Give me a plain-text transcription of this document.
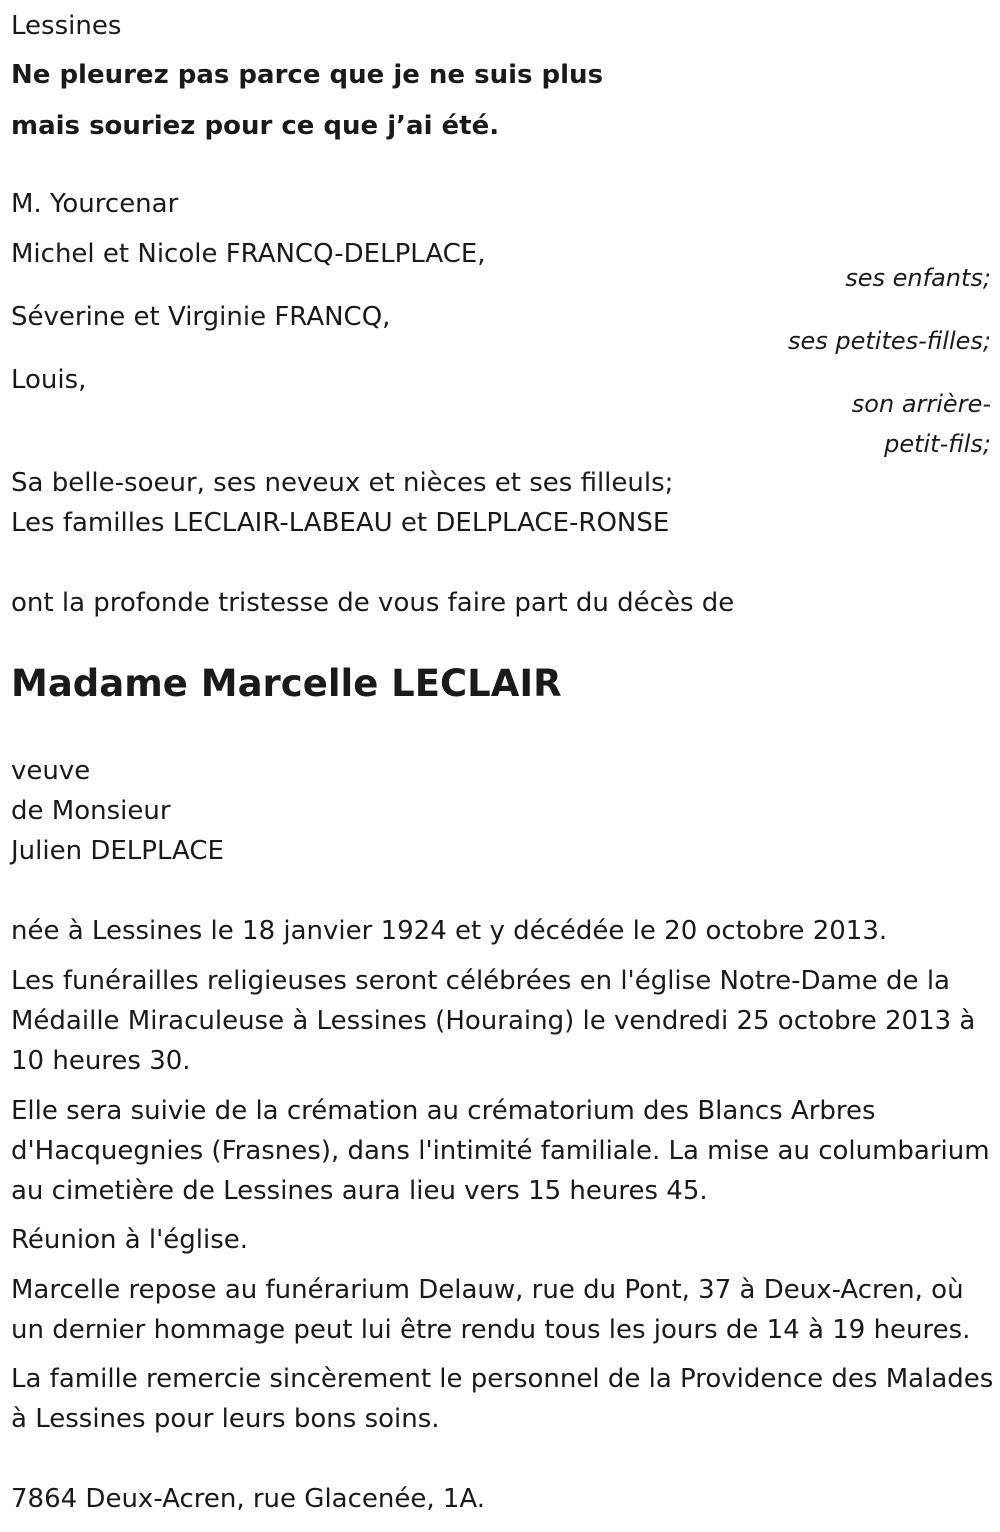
Lessines
Ne pleurez pas parce que je ne suis plus
mais souriez pour ce que j’ai été.
M. Yourcenar
Michel et Nicole FRANCQ-DELPLACE,
ses enfants;
Séverine et Virginie FRANCQ,
ses petites-filles;
Louis,
son arrière-
petit-fils;
Sa belle-soeur, ses neveux et nièces et ses filleuls;
Les familles LECLAIR-LABEAU et DELPLACE-RONSE
ont la profonde tristesse de vous faire part du décès de
Madame Marcelle LECLAIR
veuve
de Monsieur
Julien DELPLACE
née à Lessines le 18 janvier 1924 et y décédée le 20 octobre 2013.
Les funérailles religieuses seront célébrées en l'église Notre-Dame de la Médaille Miraculeuse à Lessines (Houraing) le vendredi 25 octobre 2013 à 10 heures 30.
Elle sera suivie de la crémation au crématorium des Blancs Arbres d'Hacquegnies (Frasnes), dans l'intimité familiale. La mise au columbarium au cimetière de Lessines aura lieu vers 15 heures 45.
Réunion à l'église.
Marcelle repose au funérarium Delauw, rue du Pont, 37 à Deux-Acren, où un dernier hommage peut lui être rendu tous les jours de 14 à 19 heures.
La famille remercie sincèrement le personnel de la Providence des Malades à Lessines pour leurs bons soins.
7864 Deux-Acren, rue Glacenée, 1A.
